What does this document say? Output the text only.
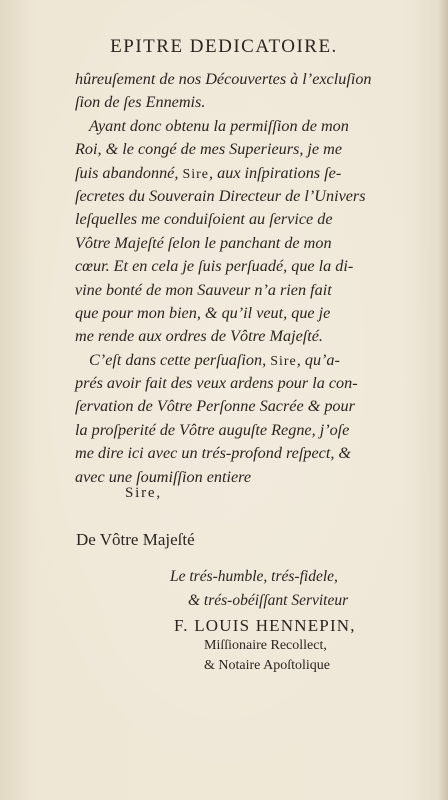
EPITRE DEDICATOIRE.
hûreuſement de nos Découvertes à l’excluſion
ſion de ſes Ennemis.
Ayant donc obtenu la permiſſion de mon
Roi, & le congé de mes Superieurs, je me
ſuis abandonné, Sire, aux inſpirations ſe-
ſecretes du Souverain Directeur de l’Univers
leſquelles me conduiſoient au ſervice de
Vôtre Majeſté ſelon le panchant de mon
cœur. Et en cela je ſuis perſuadé, que la di-
vine bonté de mon Sauveur n’a rien fait
que pour mon bien, & qu’il veut, que je
me rende aux ordres de Vôtre Majeſté.
C’eſt dans cette perſuaſion, Sire, qu’a-
prés avoir fait des veux ardens pour la con-
ſervation de Vôtre Perſonne Sacrée & pour
la proſperité de Vôtre auguſte Regne, j’oſe
me dire ici avec un trés-profond reſpect, &
avec une ſoumiſſion entiere
Sire,
De Vôtre Majeſté
Le trés-humble, trés-fidele,
& trés-obéiſſant Serviteur
F. LOUIS HENNEPIN,
Miſſionaire Recollect,
& Notaire Apoſtolique
